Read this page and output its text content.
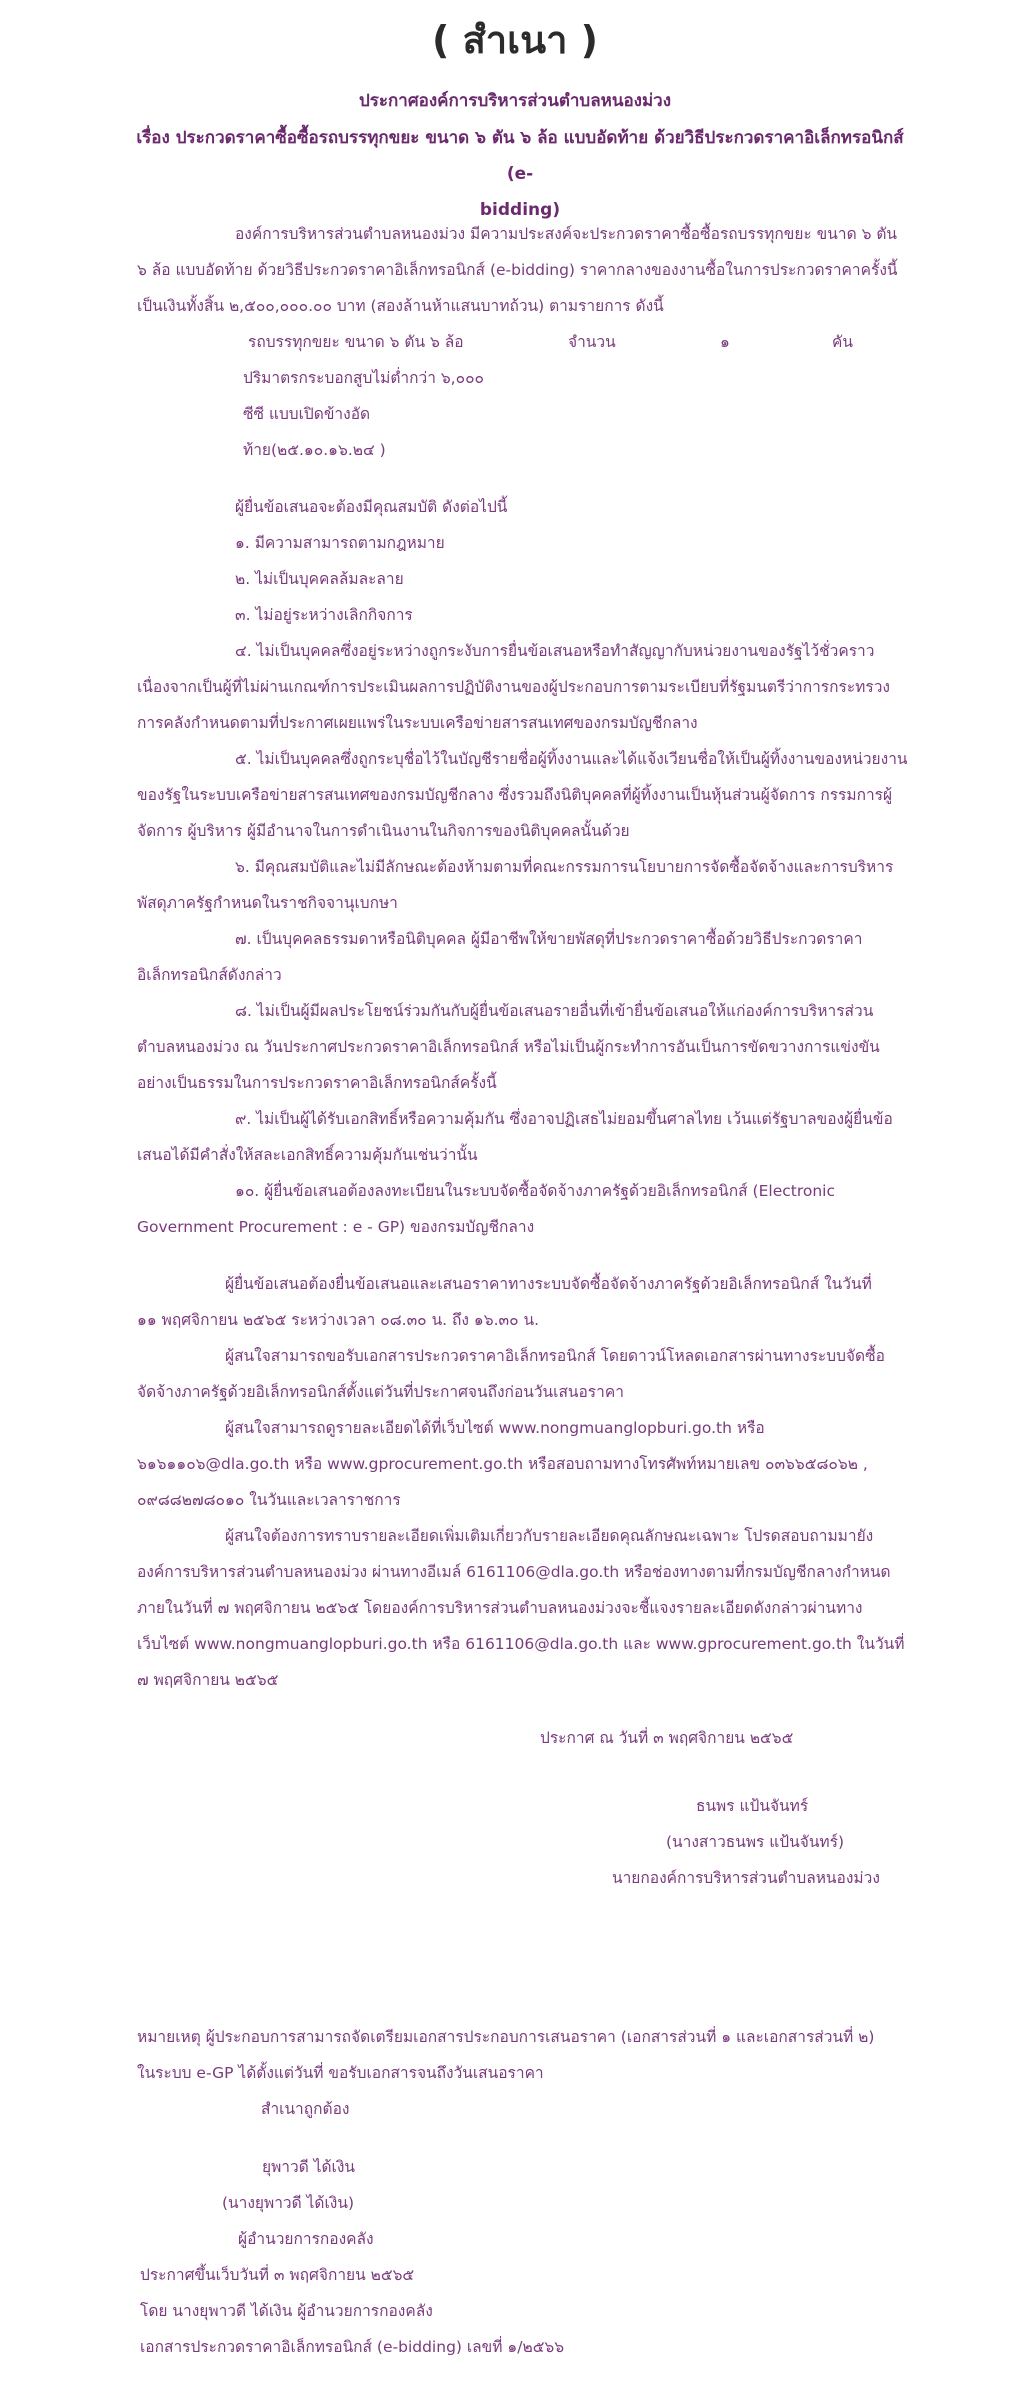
( สำเนา )
ประกาศองค์การบริหารส่วนตำบลหนองม่วง
เรื่อง ประกวดราคาซื้อซื้อรถบรรทุกขยะ ขนาด ๖ ตัน ๖ ล้อ แบบอัดท้าย ด้วยวิธีประกวดราคาอิเล็กทรอนิกส์ (e-
bidding)

องค์การบริหารส่วนตำบลหนองม่วง มีความประสงค์จะประกวดราคาซื้อซื้อรถบรรทุกขยะ ขนาด ๖ ตัน

๖ ล้อ แบบอัดท้าย ด้วยวิธีประกวดราคาอิเล็กทรอนิกส์ (e-bidding) ราคากลางของงานซื้อในการประกวดราคาครั้งนี้

เป็นเงินทั้งสิ้น ๒,๕๐๐,๐๐๐.๐๐ บาท (สองล้านห้าแสนบาทถ้วน) ตามรายการ ดังนี้

รถบรรทุกขยะ ขนาด ๖ ตัน ๖ ล้อ	จำนวน	๑	คัน

ปริมาตรกระบอกสูบไม่ต่ำกว่า ๖,๐๐๐

ซีซี แบบเปิดข้างอัด

ท้าย(๒๕.๑๐.๑๖.๒๔ )

ผู้ยื่นข้อเสนอจะต้องมีคุณสมบัติ ดังต่อไปนี้

๑. มีความสามารถตามกฎหมาย

๒. ไม่เป็นบุคคลล้มละลาย

๓. ไม่อยู่ระหว่างเลิกกิจการ

๔. ไม่เป็นบุคคลซึ่งอยู่ระหว่างถูกระงับการยื่นข้อเสนอหรือทำสัญญากับหน่วยงานของรัฐไว้ชั่วคราว

เนื่องจากเป็นผู้ที่ไม่ผ่านเกณฑ์การประเมินผลการปฏิบัติงานของผู้ประกอบการตามระเบียบที่รัฐมนตรีว่าการกระทรวง

การคลังกำหนดตามที่ประกาศเผยแพร่ในระบบเครือข่ายสารสนเทศของกรมบัญชีกลาง

๕. ไม่เป็นบุคคลซึ่งถูกระบุชื่อไว้ในบัญชีรายชื่อผู้ทิ้งงานและได้แจ้งเวียนชื่อให้เป็นผู้ทิ้งงานของหน่วยงาน

ของรัฐในระบบเครือข่ายสารสนเทศของกรมบัญชีกลาง ซึ่งรวมถึงนิติบุคคลที่ผู้ทิ้งงานเป็นหุ้นส่วนผู้จัดการ กรรมการผู้

จัดการ ผู้บริหาร ผู้มีอำนาจในการดำเนินงานในกิจการของนิติบุคคลนั้นด้วย

๖. มีคุณสมบัติและไม่มีลักษณะต้องห้ามตามที่คณะกรรมการนโยบายการจัดซื้อจัดจ้างและการบริหาร

พัสดุภาครัฐกำหนดในราชกิจจานุเบกษา

๗. เป็นบุคคลธรรมดาหรือนิติบุคคล ผู้มีอาชีพให้ขายพัสดุที่ประกวดราคาซื้อด้วยวิธีประกวดราคา

อิเล็กทรอนิกส์ดังกล่าว

๘. ไม่เป็นผู้มีผลประโยชน์ร่วมกันกับผู้ยื่นข้อเสนอรายอื่นที่เข้ายื่นข้อเสนอให้แก่องค์การบริหารส่วน

ตำบลหนองม่วง ณ วันประกาศประกวดราคาอิเล็กทรอนิกส์ หรือไม่เป็นผู้กระทำการอันเป็นการขัดขวางการแข่งขัน

อย่างเป็นธรรมในการประกวดราคาอิเล็กทรอนิกส์ครั้งนี้

๙. ไม่เป็นผู้ได้รับเอกสิทธิ์หรือความคุ้มกัน ซึ่งอาจปฏิเสธไม่ยอมขึ้นศาลไทย เว้นแต่รัฐบาลของผู้ยื่นข้อ

เสนอได้มีคำสั่งให้สละเอกสิทธิ์ความคุ้มกันเช่นว่านั้น

๑๐. ผู้ยื่นข้อเสนอต้องลงทะเบียนในระบบจัดซื้อจัดจ้างภาครัฐด้วยอิเล็กทรอนิกส์ (Electronic

Government Procurement : e - GP) ของกรมบัญชีกลาง

ผู้ยื่นข้อเสนอต้องยื่นข้อเสนอและเสนอราคาทางระบบจัดซื้อจัดจ้างภาครัฐด้วยอิเล็กทรอนิกส์ ในวันที่

๑๑ พฤศจิกายน ๒๕๖๕ ระหว่างเวลา ๐๘.๓๐ น. ถึง ๑๖.๓๐ น.

ผู้สนใจสามารถขอรับเอกสารประกวดราคาอิเล็กทรอนิกส์ โดยดาวน์โหลดเอกสารผ่านทางระบบจัดซื้อ

จัดจ้างภาครัฐด้วยอิเล็กทรอนิกส์ตั้งแต่วันที่ประกาศจนถึงก่อนวันเสนอราคา

ผู้สนใจสามารถดูรายละเอียดได้ที่เว็บไซต์ www.nongmuanglopburi.go.th หรือ

๖๑๖๑๑๐๖@dla.go.th หรือ www.gprocurement.go.th หรือสอบถามทางโทรศัพท์หมายเลข ๐๓๖๖๕๘๐๖๒ ,

๐๙๘๘๒๗๘๐๑๐ ในวันและเวลาราชการ

ผู้สนใจต้องการทราบรายละเอียดเพิ่มเติมเกี่ยวกับรายละเอียดคุณลักษณะเฉพาะ โปรดสอบถามมายัง

องค์การบริหารส่วนตำบลหนองม่วง ผ่านทางอีเมล์ 6161106@dla.go.th หรือช่องทางตามที่กรมบัญชีกลางกำหนด

ภายในวันที่ ๗ พฤศจิกายน ๒๕๖๕ โดยองค์การบริหารส่วนตำบลหนองม่วงจะชี้แจงรายละเอียดดังกล่าวผ่านทาง

เว็บไซต์ www.nongmuanglopburi.go.th หรือ 6161106@dla.go.th และ www.gprocurement.go.th ในวันที่

๗ พฤศจิกายน ๒๕๖๕

ประกาศ ณ วันที่ ๓ พฤศจิกายน ๒๕๖๕

ธนพร แป้นจันทร์

(นางสาวธนพร แป้นจันทร์)

นายกองค์การบริหารส่วนตำบลหนองม่วง

หมายเหตุ ผู้ประกอบการสามารถจัดเตรียมเอกสารประกอบการเสนอราคา (เอกสารส่วนที่ ๑ และเอกสารส่วนที่ ๒)

ในระบบ e-GP ได้ตั้งแต่วันที่ ขอรับเอกสารจนถึงวันเสนอราคา

สำเนาถูกต้อง

ยุพาวดี ได้เงิน

(นางยุพาวดี ได้เงิน)

ผู้อำนวยการกองคลัง

ประกาศขึ้นเว็บวันที่ ๓ พฤศจิกายน ๒๕๖๕

โดย นางยุพาวดี ได้เงิน ผู้อำนวยการกองคลัง

เอกสารประกวดราคาอิเล็กทรอนิกส์ (e-bidding) เลขที่ ๑/๒๕๖๖
